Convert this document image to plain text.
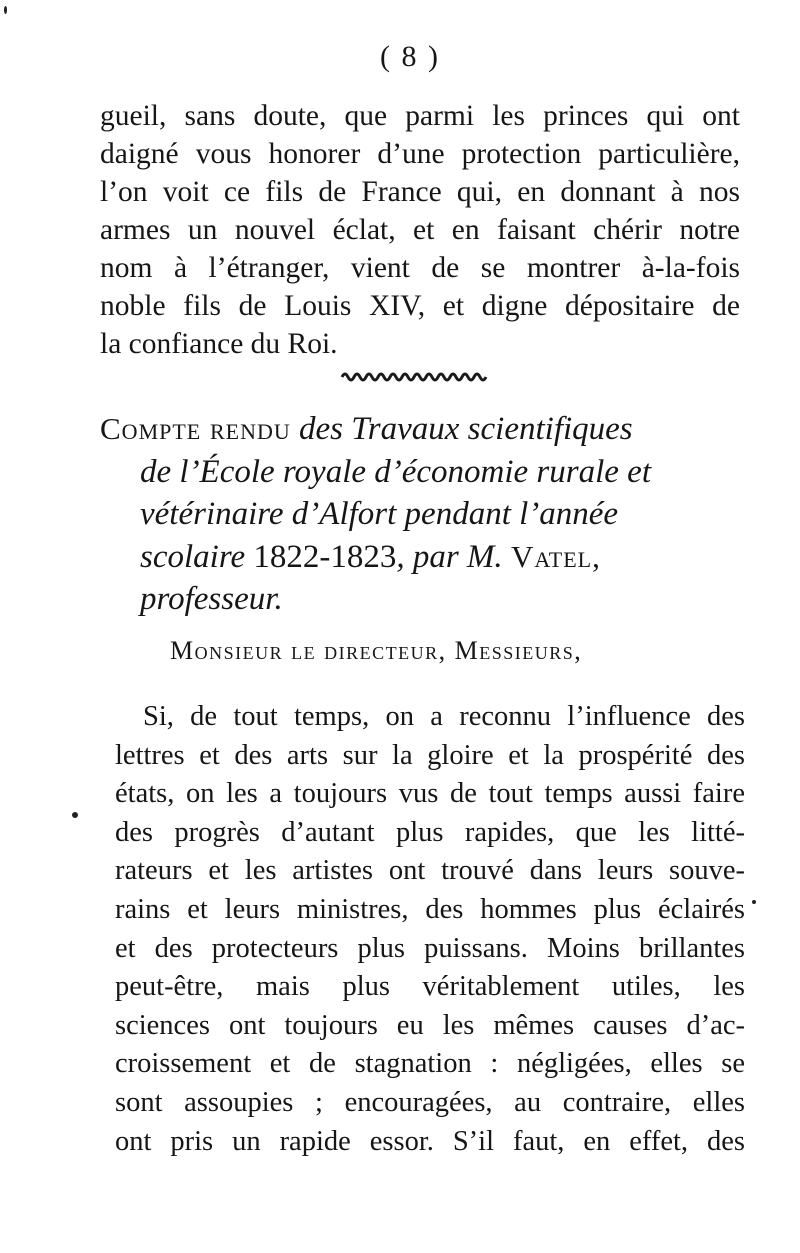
( 8 )
gueil, sans doute, que parmi les princes qui ont
daigné vous honorer d’une protection particulière,
l’on voit ce fils de France qui, en donnant à nos
armes un nouvel éclat, et en faisant chérir notre
nom à l’étranger, vient de se montrer à-la-fois
noble fils de Louis XIV, et digne dépositaire de
la confiance du Roi.
Compte rendu des Travaux scientifiques
de l’École royale d’économie rurale et
vétérinaire d’Alfort pendant l’année
scolaire 1822-1823, par M. Vatel,
professeur.
Monsieur le directeur, Messieurs,
Si, de tout temps, on a reconnu l’influence des
lettres et des arts sur la gloire et la prospérité des
états, on les a toujours vus de tout temps aussi faire
des progrès d’autant plus rapides, que les litté-
rateurs et les artistes ont trouvé dans leurs souve-
rains et leurs ministres, des hommes plus éclairés
et des protecteurs plus puissans. Moins brillantes
peut-être, mais plus véritablement utiles, les
sciences ont toujours eu les mêmes causes d’ac-
croissement et de stagnation : négligées, elles se
sont assoupies ; encouragées, au contraire, elles
ont pris un rapide essor. S’il faut, en effet, des
